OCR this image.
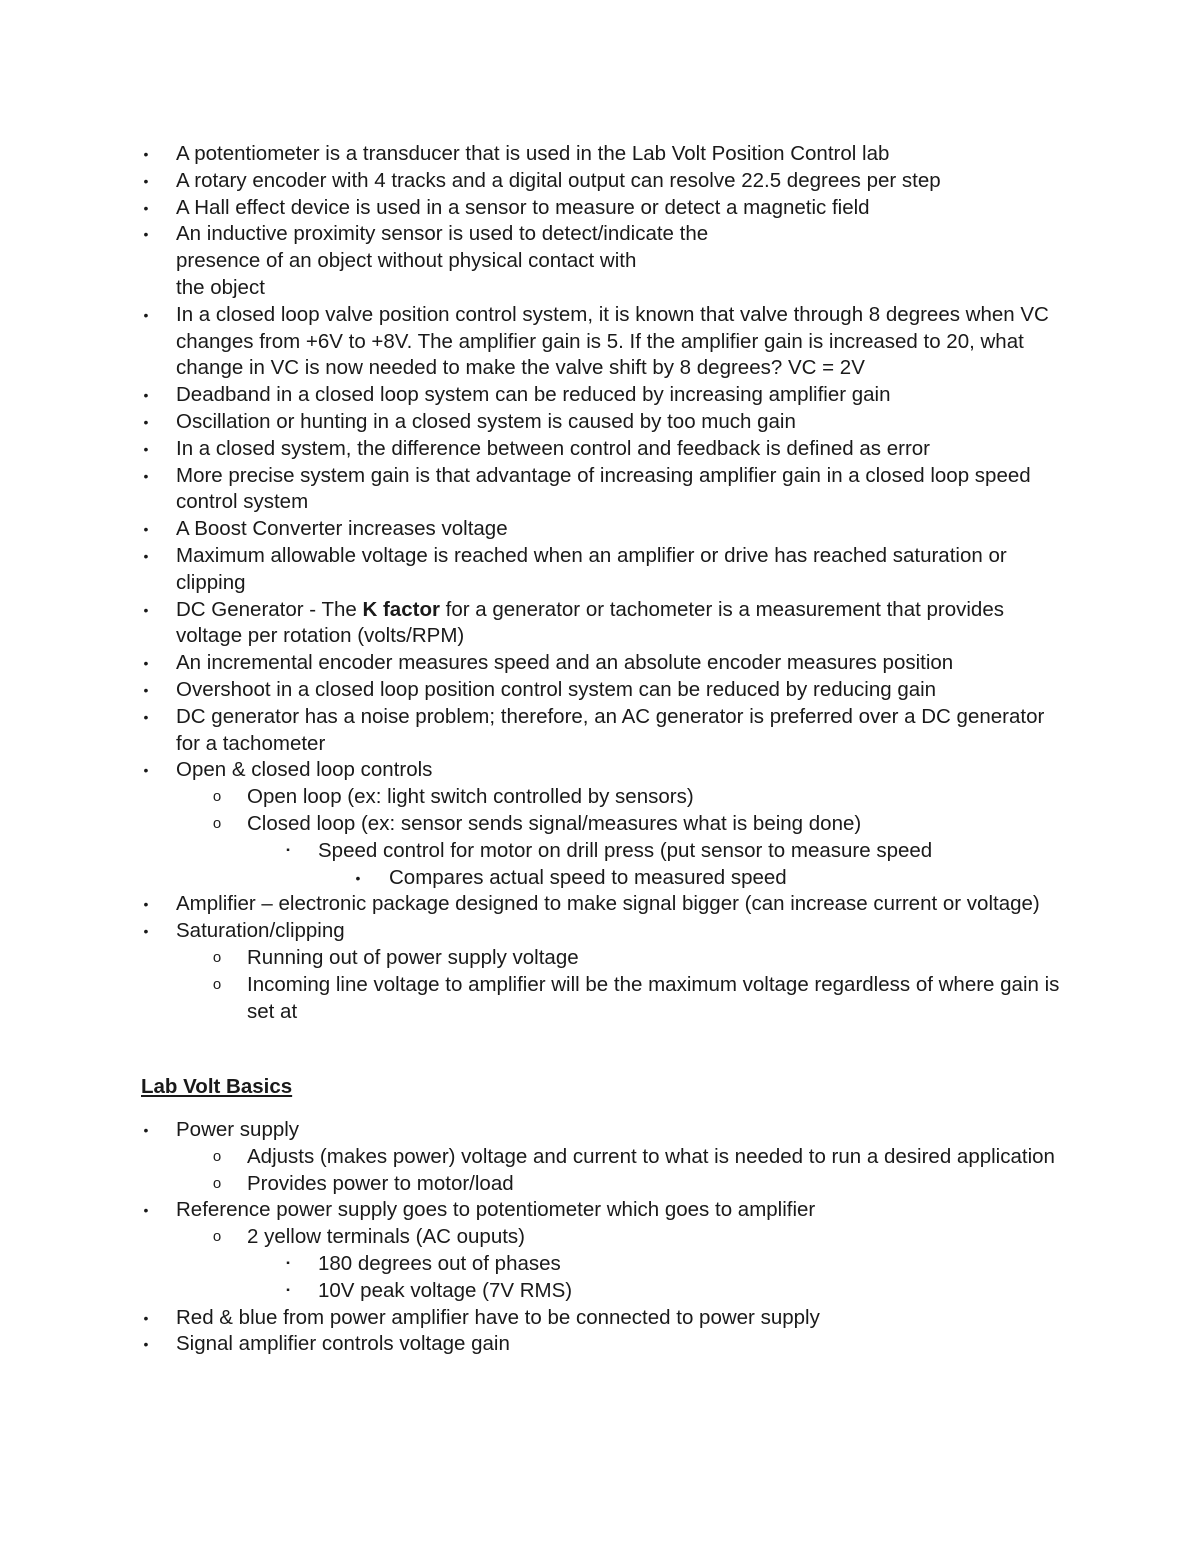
•	A potentiometer is a transducer that is used in the Lab Volt Position Control lab
•	A rotary encoder with 4 tracks and a digital output can resolve 22.5 degrees per step
•	A Hall effect device is used in a sensor to measure or detect a magnetic field
•	An inductive proximity sensor is used to detect/indicate the
presence of an object without physical contact with
the object
•	In a closed loop valve position control system, it is known that valve through 8 degrees when VC changes from +6V to +8V. The amplifier gain is 5. If the amplifier gain is increased to 20, what change in VC is now needed to make the valve shift by 8 degrees? VC = 2V
•	Deadband in a closed loop system can be reduced by increasing amplifier gain
•	Oscillation or hunting in a closed system is caused by too much gain
•	In a closed system, the difference between control and feedback is defined as error
•	More precise system gain is that advantage of increasing amplifier gain in a closed loop speed control system
•	A Boost Converter increases voltage
•	Maximum allowable voltage is reached when an amplifier or drive has reached saturation or clipping
•	DC Generator - The K factor for a generator or tachometer is a measurement that provides voltage per rotation (volts/RPM)
•	An incremental encoder measures speed and an absolute encoder measures position
•	Overshoot in a closed loop position control system can be reduced by reducing gain
•	DC generator has a noise problem; therefore, an AC generator is preferred over a DC generator for a tachometer
•	Open & closed loop controls
o Open loop (ex: light switch controlled by sensors)
o Closed loop (ex: sensor sends signal/measures what is being done)
▪	Speed control for motor on drill press (put sensor to measure speed
•	Compares actual speed to measured speed
•	Amplifier – electronic package designed to make signal bigger (can increase current or voltage)
•	Saturation/clipping
o Running out of power supply voltage
o Incoming line voltage to amplifier will be the maximum voltage regardless of where gain is set at
Lab Volt Basics
•	Power supply
o Adjusts (makes power) voltage and current to what is needed to run a desired application
o Provides power to motor/load
•	Reference power supply goes to potentiometer which goes to amplifier
o 2 yellow terminals (AC ouputs)
▪	180 degrees out of phases
▪	10V peak voltage (7V RMS)
•	Red & blue from power amplifier have to be connected to power supply
•	Signal amplifier controls voltage gain
